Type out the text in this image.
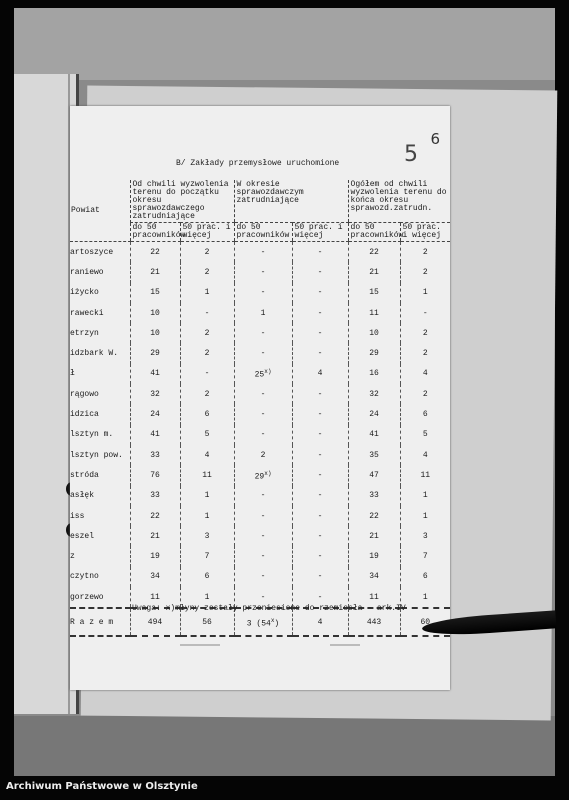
5
6
B/ Zakłady przemysłowe uruchomione
Powiat	Od chwili wyzwolenia terenu do początku okresu sprawozdawczego zatrudniające		W okresie sprawozdawczym zatrudniające		Ogółem od chwili wyzwolenia terenu do końca okresu sprawozd.zatrudn.	
	do 50 pracowników	50 prac. i więcej	do 50 pracowników	50 prac. i więcej	do 50 pracowników	50 prac. i więcej
artoszyce	22	2	-	-	22	2
raniewo	21	2	-	-	21	2
iżycko	15	1	-	-	15	1
rawecki	10	-	1	-	11	-
etrzyn	10	2	-	-	10	2
idzbark W.	29	2	-	-	29	2
ł	41	-	25$^{x)}$	4	16	4
rągowo	32	2	-	-	32	2
idzica	24	6	-	-	24	6
lsztyn m.	41	5	-	-	41	5
lsztyn pow.	33	4	2	-	35	4
stróda	76	11	29$^{x)}$	-	47	11
asłęk	33	1	-	-	33	1
iss	22	1	-	-	22	1
eszel	21	3	-	-	21	3
z	19	7	-	-	19	7
czytno	34	6	-	-	34	6
gorzewo	11	1	-	-	11	1
R a z e m	494	56	3 (54$^x$)	4	443	60
Uwaga: x)młyny zostały przeniesione do rzemiosła - ark.IV
Archiwum Państwowe w Olsztynie
